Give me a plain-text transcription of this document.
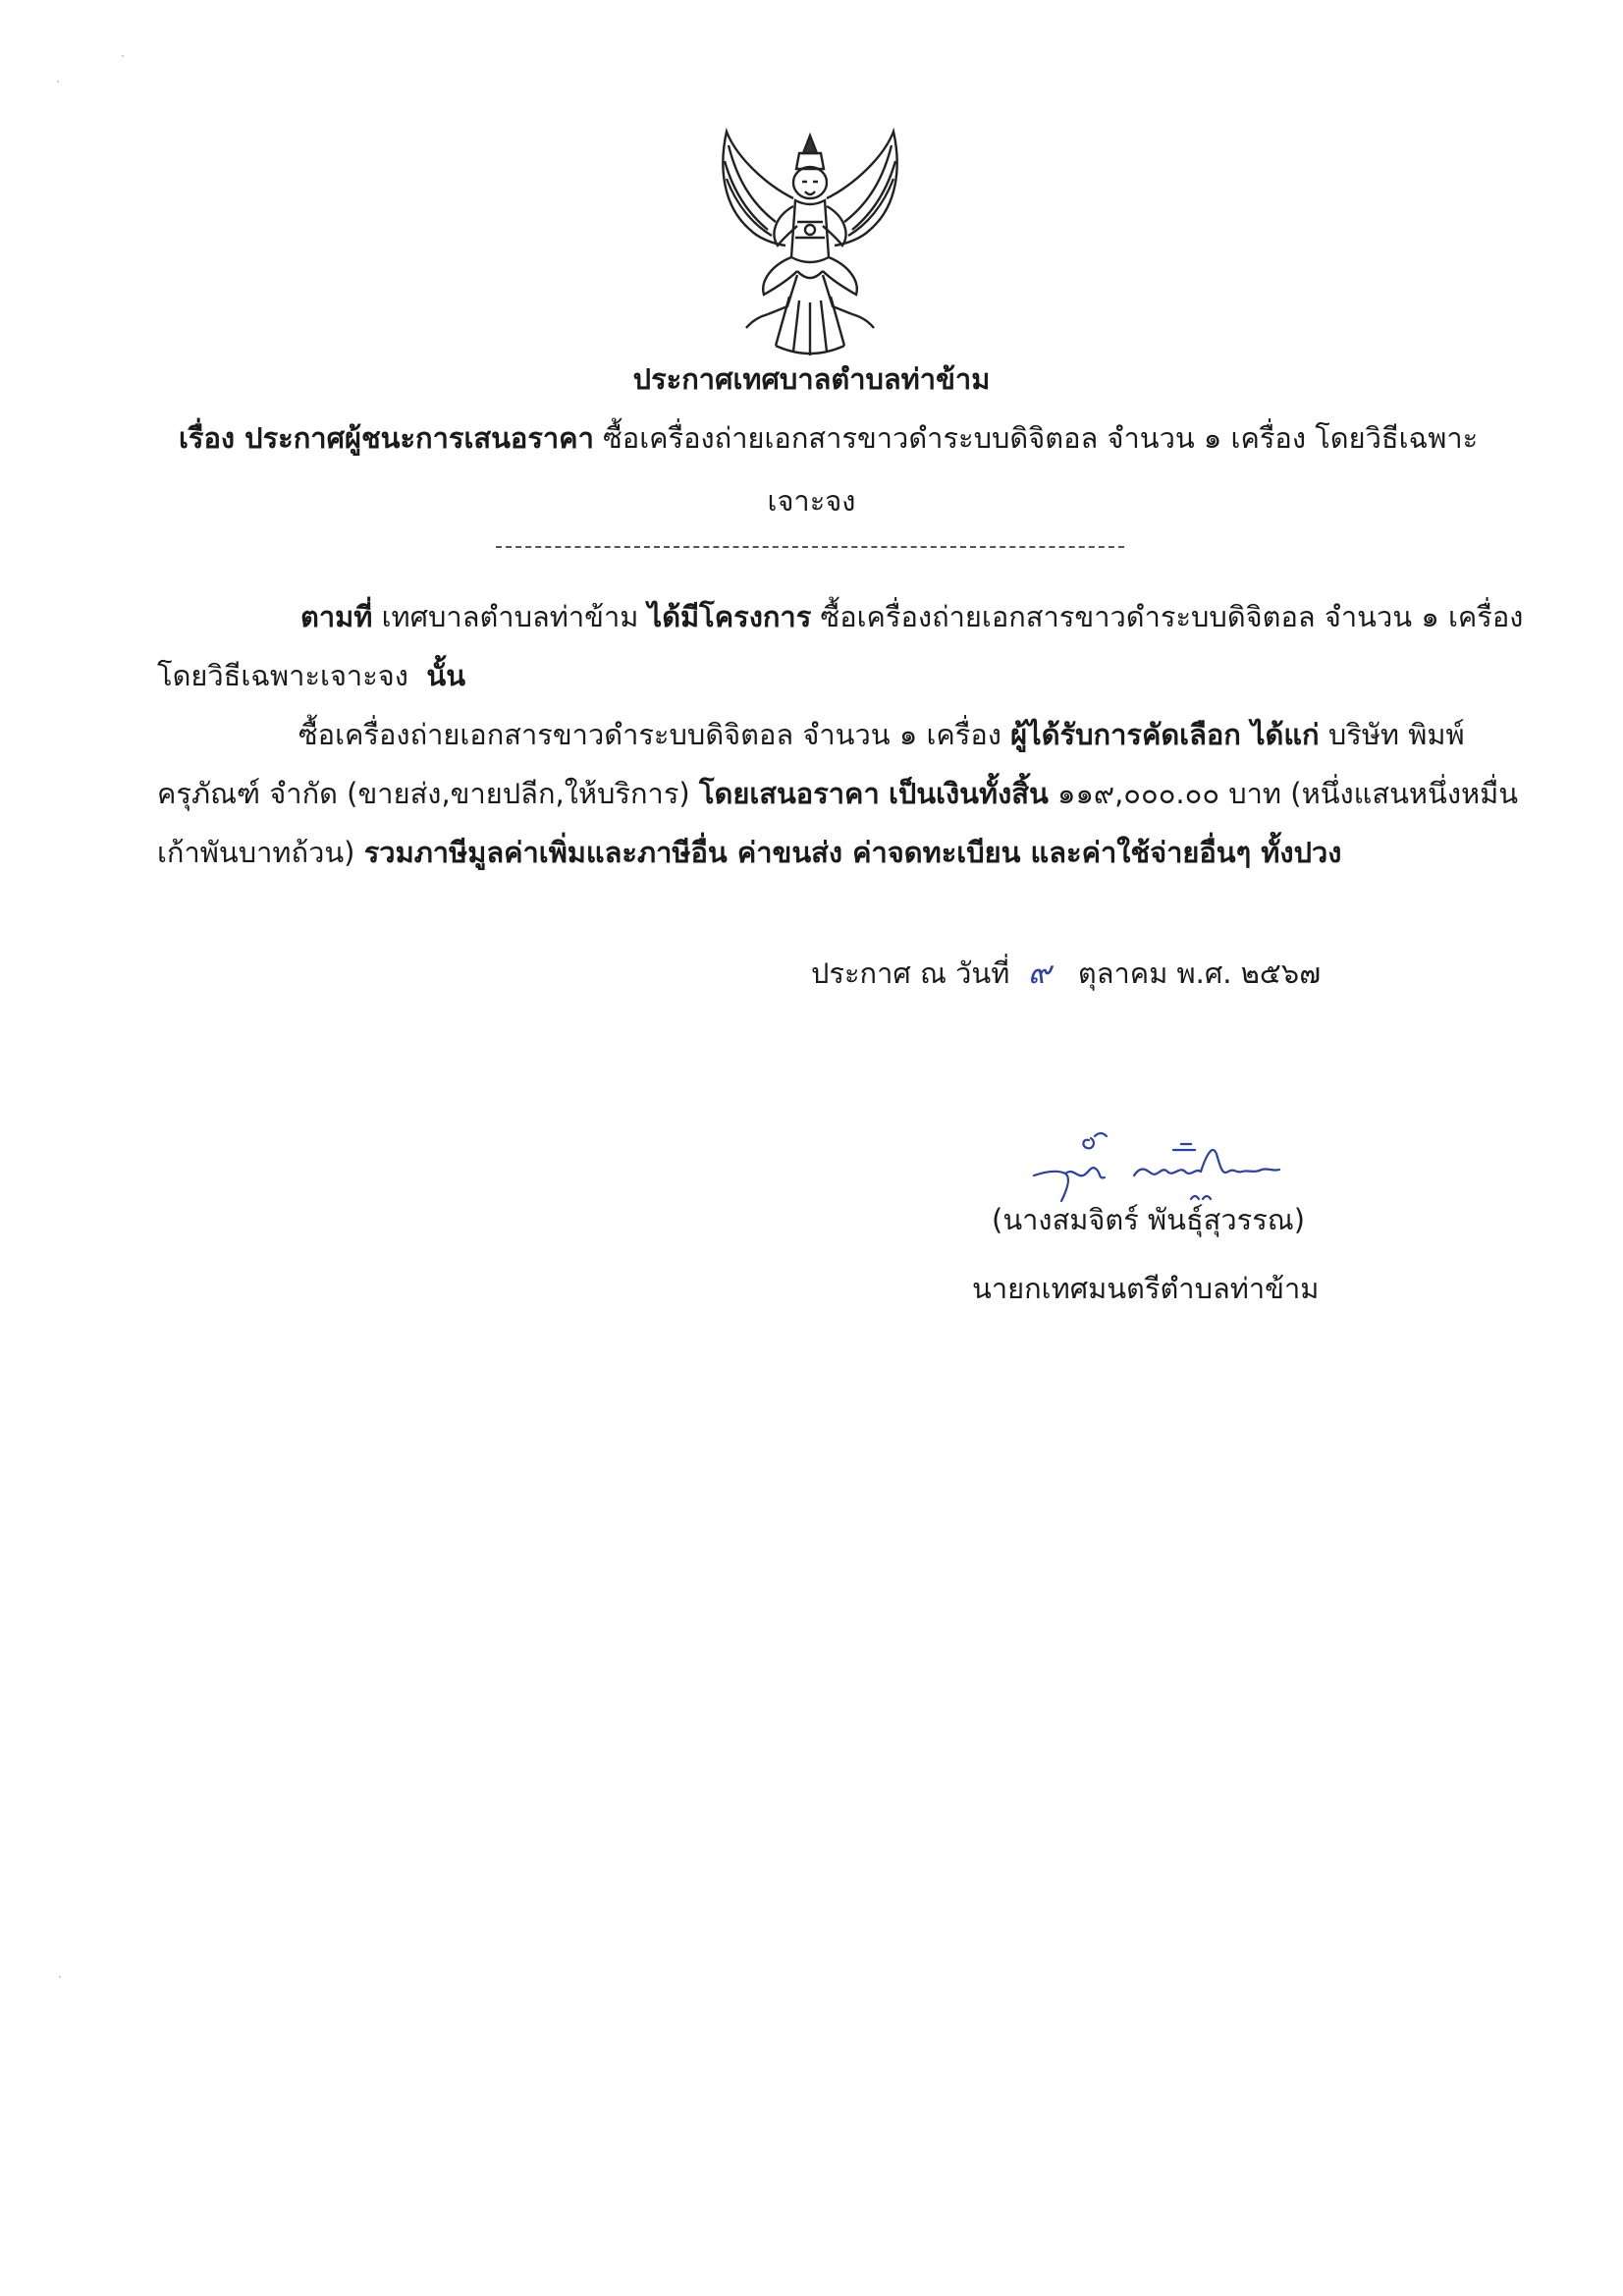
ประกาศเทศบาลตำบลท่าข้าม
เรื่อง ประกาศผู้ชนะการเสนอราคา ซื้อเครื่องถ่ายเอกสารขาวดำระบบดิจิตอล จำนวน ๑ เครื่อง โดยวิธีเฉพาะ
เจาะจง
ตามที่ เทศบาลตำบลท่าข้าม ได้มีโครงการ ซื้อเครื่องถ่ายเอกสารขาวดำระบบดิจิตอล จำนวน ๑ เครื่อง
โดยวิธีเฉพาะเจาะจง นั้น
ซื้อเครื่องถ่ายเอกสารขาวดำระบบดิจิตอล จำนวน ๑ เครื่อง ผู้ได้รับการคัดเลือก ได้แก่ บริษัท พิมพ์
ครุภัณฑ์ จำกัด (ขายส่ง,ขายปลีก,ให้บริการ) โดยเสนอราคา เป็นเงินทั้งสิ้น ๑๑๙,๐๐๐.๐๐ บาท (หนึ่งแสนหนึ่งหมื่น
เก้าพันบาทถ้วน) รวมภาษีมูลค่าเพิ่มและภาษีอื่น ค่าขนส่ง ค่าจดทะเบียน และค่าใช้จ่ายอื่นๆ ทั้งปวง
ประกาศ ณ วันที่ ๙ ตุลาคม พ.ศ. ๒๕๖๗
(นางสมจิตร์ พันธุ์สุวรรณ)
นายกเทศมนตรีตำบลท่าข้าม
